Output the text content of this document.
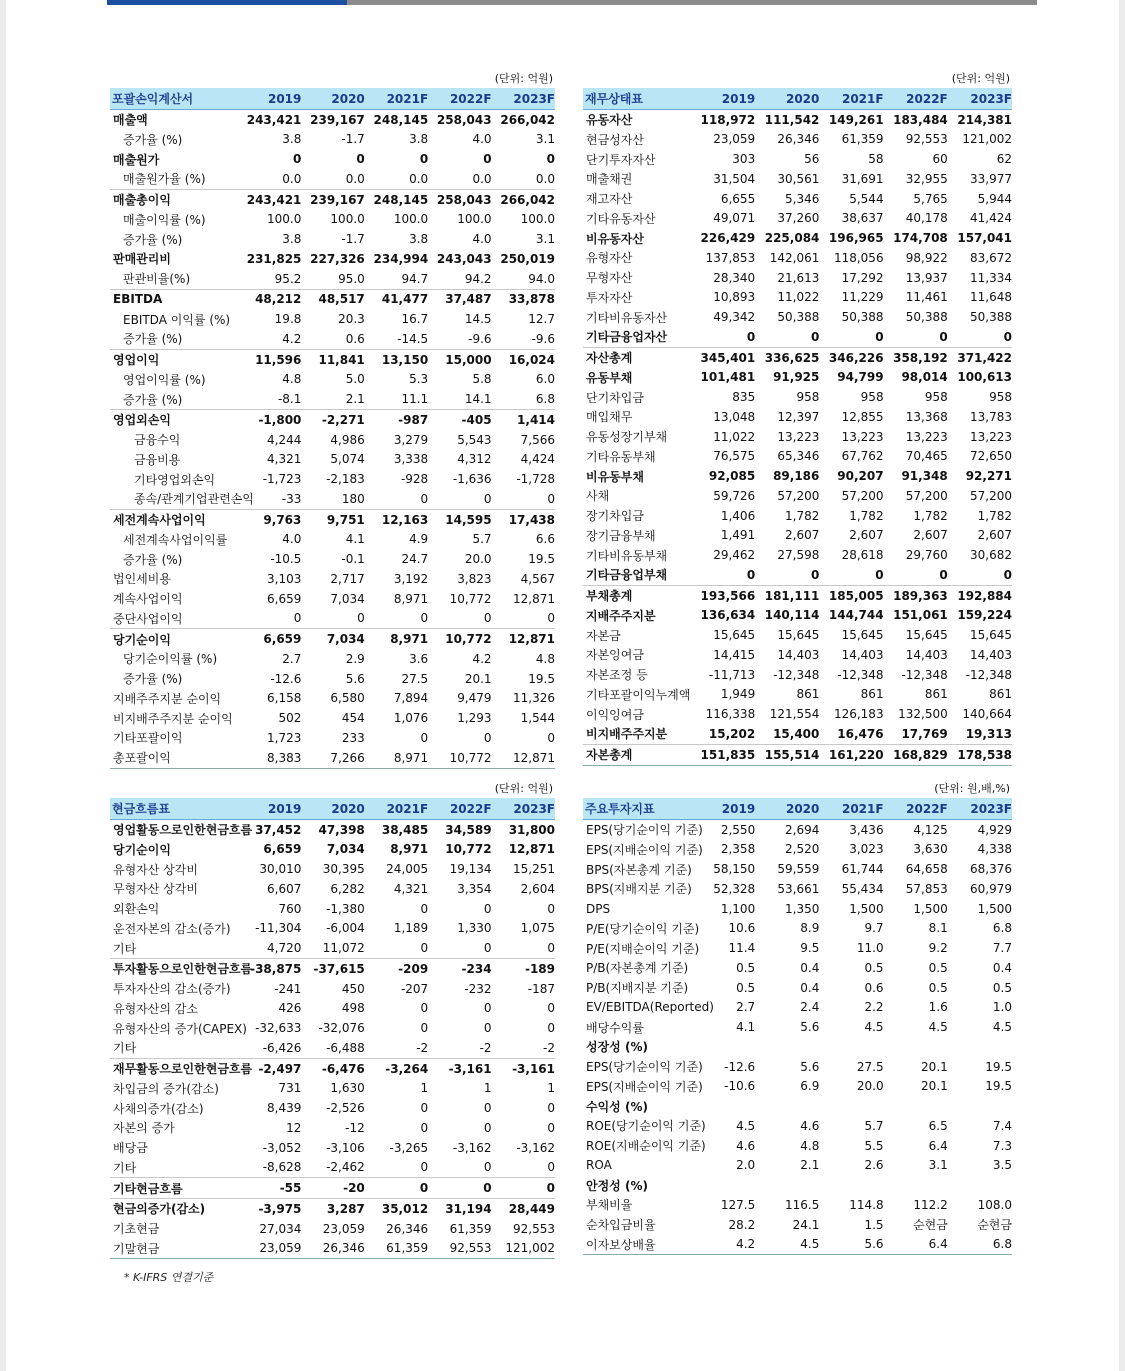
(단위: 억원)
포괄손익계산서	2019	2020	2021F	2022F	2023F
매출액	243,421	239,167	248,145	258,043	266,042
증가율 (%)	3.8	-1.7	3.8	4.0	3.1
매출원가	0	0	0	0	0
매출원가율 (%)	0.0	0.0	0.0	0.0	0.0
매출총이익	243,421	239,167	248,145	258,043	266,042
매출이익률 (%)	100.0	100.0	100.0	100.0	100.0
증가율 (%)	3.8	-1.7	3.8	4.0	3.1
판매관리비	231,825	227,326	234,994	243,043	250,019
판관비율(%)	95.2	95.0	94.7	94.2	94.0
EBITDA	48,212	48,517	41,477	37,487	33,878
EBITDA 이익률 (%)	19.8	20.3	16.7	14.5	12.7
증가율 (%)	4.2	0.6	-14.5	-9.6	-9.6
영업이익	11,596	11,841	13,150	15,000	16,024
영업이익률 (%)	4.8	5.0	5.3	5.8	6.0
증가율 (%)	-8.1	2.1	11.1	14.1	6.8
영업외손익	-1,800	-2,271	-987	-405	1,414
금융수익	4,244	4,986	3,279	5,543	7,566
금융비용	4,321	5,074	3,338	4,312	4,424
기타영업외손익	-1,723	-2,183	-928	-1,636	-1,728
종속/관계기업관련손익	-33	180	0	0	0
세전계속사업이익	9,763	9,751	12,163	14,595	17,438
세전계속사업이익률	4.0	4.1	4.9	5.7	6.6
증가율 (%)	-10.5	-0.1	24.7	20.0	19.5
법인세비용	3,103	2,717	3,192	3,823	4,567
계속사업이익	6,659	7,034	8,971	10,772	12,871
중단사업이익	0	0	0	0	0
당기순이익	6,659	7,034	8,971	10,772	12,871
당기순이익률 (%)	2.7	2.9	3.6	4.2	4.8
증가율 (%)	-12.6	5.6	27.5	20.1	19.5
지배주주지분 순이익	6,158	6,580	7,894	9,479	11,326
비지배주주지분 순이익	502	454	1,076	1,293	1,544
기타포괄이익	1,723	233	0	0	0
총포괄이익	8,383	7,266	8,971	10,772	12,871
(단위: 억원)
재무상태표	2019	2020	2021F	2022F	2023F
유동자산	118,972	111,542	149,261	183,484	214,381
현금성자산	23,059	26,346	61,359	92,553	121,002
단기투자자산	303	56	58	60	62
매출채권	31,504	30,561	31,691	32,955	33,977
재고자산	6,655	5,346	5,544	5,765	5,944
기타유동자산	49,071	37,260	38,637	40,178	41,424
비유동자산	226,429	225,084	196,965	174,708	157,041
유형자산	137,853	142,061	118,056	98,922	83,672
무형자산	28,340	21,613	17,292	13,937	11,334
투자자산	10,893	11,022	11,229	11,461	11,648
기타비유동자산	49,342	50,388	50,388	50,388	50,388
기타금융업자산	0	0	0	0	0
자산총계	345,401	336,625	346,226	358,192	371,422
유동부채	101,481	91,925	94,799	98,014	100,613
단기차입금	835	958	958	958	958
매입채무	13,048	12,397	12,855	13,368	13,783
유동성장기부채	11,022	13,223	13,223	13,223	13,223
기타유동부채	76,575	65,346	67,762	70,465	72,650
비유동부채	92,085	89,186	90,207	91,348	92,271
사채	59,726	57,200	57,200	57,200	57,200
장기차입금	1,406	1,782	1,782	1,782	1,782
장기금융부채	1,491	2,607	2,607	2,607	2,607
기타비유동부채	29,462	27,598	28,618	29,760	30,682
기타금융업부채	0	0	0	0	0
부채총계	193,566	181,111	185,005	189,363	192,884
지배주주지분	136,634	140,114	144,744	151,061	159,224
자본금	15,645	15,645	15,645	15,645	15,645
자본잉여금	14,415	14,403	14,403	14,403	14,403
자본조정 등	-11,713	-12,348	-12,348	-12,348	-12,348
기타포괄이익누계액	1,949	861	861	861	861
이익잉여금	116,338	121,554	126,183	132,500	140,664
비지배주주지분	15,202	15,400	16,476	17,769	19,313
자본총계	151,835	155,514	161,220	168,829	178,538
(단위: 억원)
현금흐름표	2019	2020	2021F	2022F	2023F
영업활동으로인한현금흐름	37,452	47,398	38,485	34,589	31,800
당기순이익	6,659	7,034	8,971	10,772	12,871
유형자산 상각비	30,010	30,395	24,005	19,134	15,251
무형자산 상각비	6,607	6,282	4,321	3,354	2,604
외환손익	760	-1,380	0	0	0
운전자본의 감소(증가)	-11,304	-6,004	1,189	1,330	1,075
기타	4,720	11,072	0	0	0
투자활동으로인한현금흐름	-38,875	-37,615	-209	-234	-189
투자자산의 감소(증가)	-241	450	-207	-232	-187
유형자산의 감소	426	498	0	0	0
유형자산의 증가(CAPEX)	-32,633	-32,076	0	0	0
기타	-6,426	-6,488	-2	-2	-2
재무활동으로인한현금흐름	-2,497	-6,476	-3,264	-3,161	-3,161
차입금의 증가(감소)	731	1,630	1	1	1
사채의증가(감소)	8,439	-2,526	0	0	0
자본의 증가	12	-12	0	0	0
배당금	-3,052	-3,106	-3,265	-3,162	-3,162
기타	-8,628	-2,462	0	0	0
기타현금흐름	-55	-20	0	0	0
현금의증가(감소)	-3,975	3,287	35,012	31,194	28,449
기초현금	27,034	23,059	26,346	61,359	92,553
기말현금	23,059	26,346	61,359	92,553	121,002
(단위: 원,배,%)
주요투자지표	2019	2020	2021F	2022F	2023F
EPS(당기순이익 기준)	2,550	2,694	3,436	4,125	4,929
EPS(지배순이익 기준)	2,358	2,520	3,023	3,630	4,338
BPS(자본총계 기준)	58,150	59,559	61,744	64,658	68,376
BPS(지배지분 기준)	52,328	53,661	55,434	57,853	60,979
DPS	1,100	1,350	1,500	1,500	1,500
P/E(당기순이익 기준)	10.6	8.9	9.7	8.1	6.8
P/E(지배순이익 기준)	11.4	9.5	11.0	9.2	7.7
P/B(자본총계 기준)	0.5	0.4	0.5	0.5	0.4
P/B(지배지분 기준)	0.5	0.4	0.6	0.5	0.5
EV/EBITDA(Reported)	2.7	2.4	2.2	1.6	1.0
배당수익률	4.1	5.6	4.5	4.5	4.5
성장성 (%)					
EPS(당기순이익 기준)	-12.6	5.6	27.5	20.1	19.5
EPS(지배순이익 기준)	-10.6	6.9	20.0	20.1	19.5
수익성 (%)					
ROE(당기순이익 기준)	4.5	4.6	5.7	6.5	7.4
ROE(지배순이익 기준)	4.6	4.8	5.5	6.4	7.3
ROA	2.0	2.1	2.6	3.1	3.5
안정성 (%)					
부채비율	127.5	116.5	114.8	112.2	108.0
순차입금비율	28.2	24.1	1.5	순현금	순현금
이자보상배율	4.2	4.5	5.6	6.4	6.8
* K-IFRS 연결기준
